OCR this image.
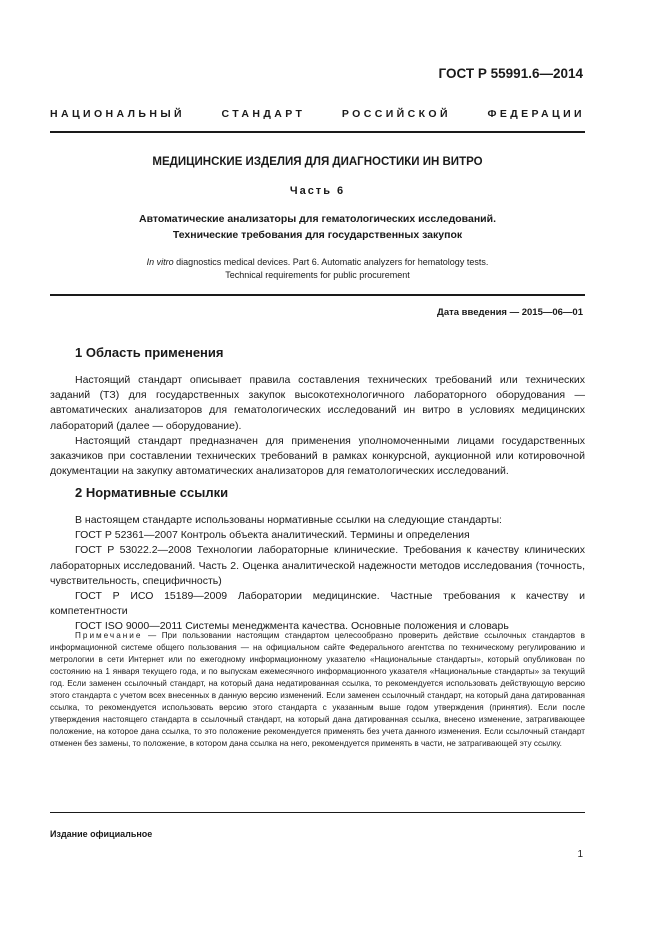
ГОСТ Р 55991.6—2014
НАЦИОНАЛЬНЫЙ	СТАНДАРТ	РОССИЙСКОЙ	ФЕДЕРАЦИИ
МЕДИЦИНСКИЕ ИЗДЕЛИЯ ДЛЯ ДИАГНОСТИКИ ИН ВИТРО
Часть 6
Автоматические анализаторы для гематологических исследований.
Технические требования для государственных закупок
In vitro diagnostics medical devices. Part 6. Automatic analyzers for hematology tests.
Technical requirements for public procurement
Дата введения — 2015—06—01
1 Область применения

Настоящий стандарт описывает правила составления технических требований или технических заданий (ТЗ) для государственных закупок высокотехнологичного лабораторного оборудования — автоматических анализаторов для гематологических исследований ин витро в условиях медицинских лабораторий (далее — оборудование).

Настоящий стандарт предназначен для применения уполномоченными лицами государственных заказчиков при составлении технических требований в рамках конкурсной, аукционной или котировочной документации на закупку автоматических анализаторов для гематологических исследований.

2 Нормативные ссылки

В настоящем стандарте использованы нормативные ссылки на следующие стандарты:

ГОСТ Р 52361—2007 Контроль объекта аналитический. Термины и определения

ГОСТ Р 53022.2—2008 Технологии лабораторные клинические. Требования к качеству клинических лабораторных исследований. Часть 2. Оценка аналитической надежности методов исследования (точность, чувствительность, специфичность)

ГОСТ Р ИСО 15189—2009 Лаборатории медицинские. Частные требования к качеству и компетентности

ГОСТ ISO 9000—2011 Системы менеджмента качества. Основные положения и словарь

Примечание — При пользовании настоящим стандартом целесообразно проверить действие ссылочных стандартов в информационной системе общего пользования — на официальном сайте Федерального агентства по техническому регулированию и метрологии в сети Интернет или по ежегодному информационному указателю «Национальные стандарты», который опубликован по состоянию на 1 января текущего года, и по выпускам ежемесячного информационного указателя «Национальные стандарты» за текущий год. Если заменен ссылочный стандарт, на который дана недатированная ссылка, то рекомендуется использовать действующую версию этого стандарта с учетом всех внесенных в данную версию изменений. Если заменен ссылочный стандарт, на который дана датированная ссылка, то рекомендуется использовать версию этого стандарта с указанным выше годом утверждения (принятия). Если после утверждения настоящего стандарта в ссылочный стандарт, на который дана датированная ссылка, внесено изменение, затрагивающее положение, на которое дана ссылка, то это положение рекомендуется применять без учета данного изменения. Если ссылочный стандарт отменен без замены, то положение, в котором дана ссылка на него, рекомендуется применять в части, не затрагивающей эту ссылку.

Издание официальное
1
